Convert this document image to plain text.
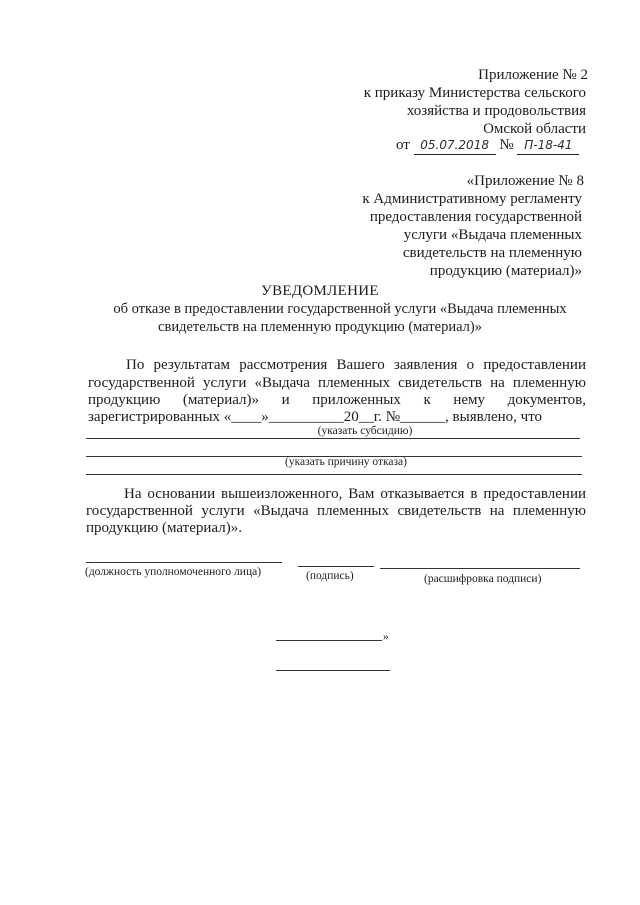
Приложение № 2
к приказу Министерства сельского
хозяйства и продовольствия
Омской области
от 05.07.2018 № П-18-41
«Приложение № 8
к Административному регламенту
предоставления государственной
услуги «Выдача племенных
свидетельств на племенную
продукцию (материал)»
УВЕДОМЛЕНИЕ
об отказе в предоставлении государственной услуги «Выдача племенных
свидетельств на племенную продукцию (материал)»
По результатам рассмотрения Вашего заявления о предоставлении
государственной услуги «Выдача племенных свидетельств на племенную
продукцию (материал)» и приложенных к нему документов,
зарегистрированных «____»__________20__г. №______, выявлено, что
(указать субсидию)
(указать причину отказа)
На основании вышеизложенного, Вам отказывается в предоставлении
государственной услуги «Выдача племенных свидетельств на племенную
продукцию (материал)».
(должность уполномоченного лица)	(подпись)	(расшифровка подписи)
»
